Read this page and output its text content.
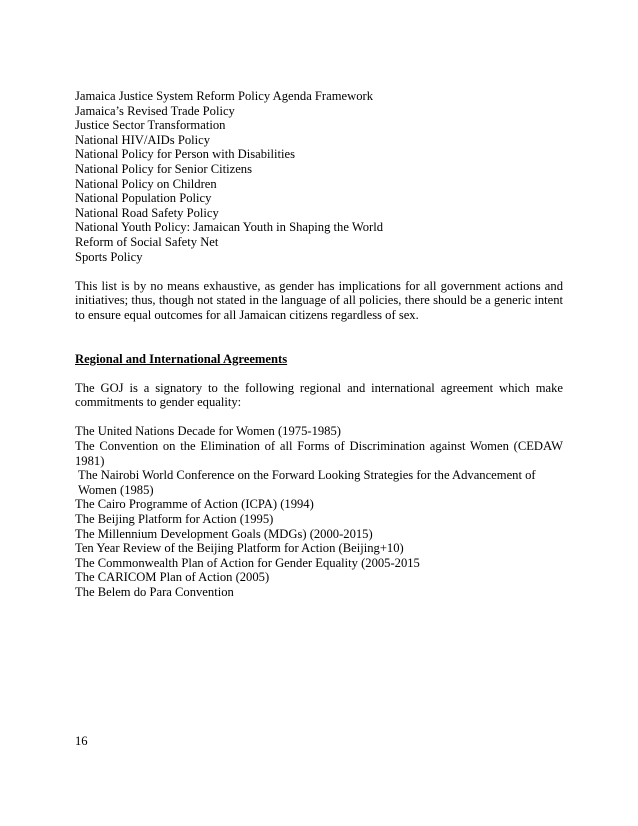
Jamaica Justice System Reform Policy Agenda Framework
Jamaica’s Revised Trade Policy
Justice Sector Transformation
National HIV/AIDs Policy
National Policy for Person with Disabilities
National Policy for Senior Citizens
National Policy on Children
National Population Policy
National Road Safety Policy
National Youth Policy: Jamaican Youth in Shaping the World
Reform of Social Safety Net
Sports Policy
This list is by no means exhaustive, as gender has implications for all government actions and initiatives; thus, though not stated in the language of all policies, there should be a generic intent to ensure equal outcomes for all Jamaican citizens regardless of sex.
Regional and International Agreements
The GOJ is a signatory to the following regional and international agreement which make commitments to gender equality:
The United Nations Decade for Women (1975-1985)
The Convention on the Elimination of all Forms of Discrimination against Women (CEDAW 1981)
The Nairobi World Conference on the Forward Looking Strategies for the Advancement of
Women (1985)
The Cairo Programme of Action (ICPA) (1994)
The Beijing Platform for Action (1995)
The Millennium Development Goals (MDGs) (2000-2015)
Ten Year Review of the Beijing Platform for Action (Beijing+10)
The Commonwealth Plan of Action for Gender Equality (2005-2015
The CARICOM Plan of Action (2005)
The Belem do Para Convention
16
